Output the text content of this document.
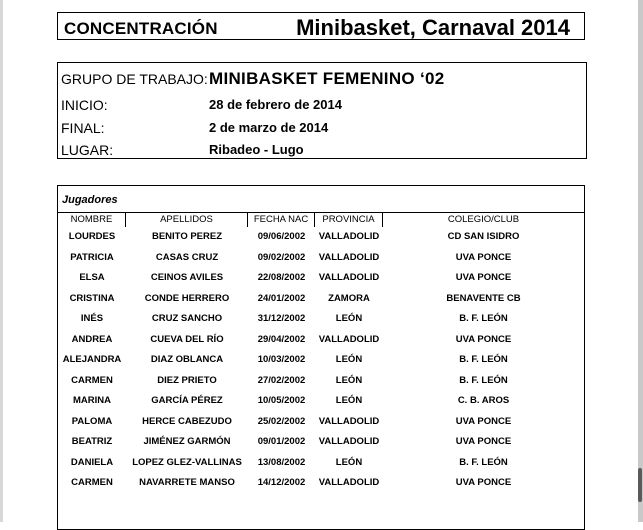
CONCENTRACIÓN	Minibasket, Carnaval 2014
GRUPO DE TRABAJO: MINIBASKET FEMENINO ‘02
INICIO:	28 de febrero de 2014
FINAL:	2 de marzo de 2014
LUGAR:	Ribadeo - Lugo
Jugadores
NOMBRE	APELLIDOS	FECHA NAC	PROVINCIA	COLEGIO/CLUB
LOURDES	BENITO PEREZ	09/06/2002	VALLADOLID	CD SAN ISIDRO
PATRICIA	CASAS CRUZ	09/02/2002	VALLADOLID	UVA PONCE
ELSA	CEINOS AVILES	22/08/2002	VALLADOLID	UVA PONCE
CRISTINA	CONDE HERRERO	24/01/2002	ZAMORA	BENAVENTE CB
INÉS	CRUZ SANCHO	31/12/2002	LEÓN	B. F. LEÓN
ANDREA	CUEVA DEL RÍO	29/04/2002	VALLADOLID	UVA PONCE
ALEJANDRA	DIAZ OBLANCA	10/03/2002	LEÓN	B. F. LEÓN
CARMEN	DIEZ PRIETO	27/02/2002	LEÓN	B. F. LEÓN
MARINA	GARCÍA PÉREZ	10/05/2002	LEÓN	C. B. AROS
PALOMA	HERCE CABEZUDO	25/02/2002	VALLADOLID	UVA PONCE
BEATRIZ	JIMÉNEZ GARMÓN	09/01/2002	VALLADOLID	UVA PONCE
DANIELA	LOPEZ GLEZ-VALLINAS	13/08/2002	LEÓN	B. F. LEÓN
CARMEN	NAVARRETE MANSO	14/12/2002	VALLADOLID	UVA PONCE
